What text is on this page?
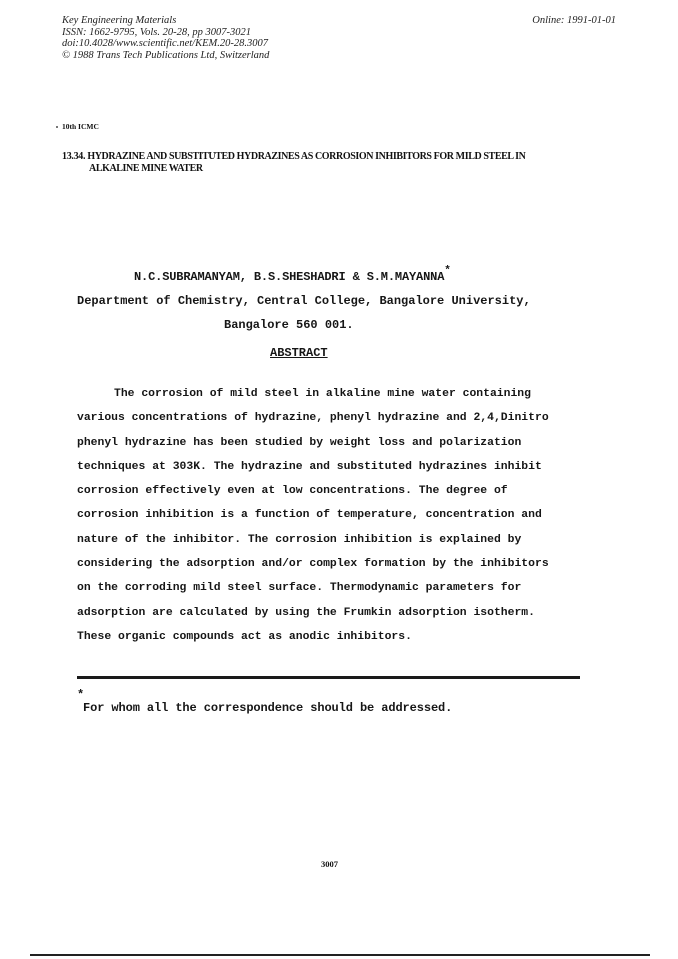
Key Engineering Materials
ISSN: 1662-9795, Vols. 20-28, pp 3007-3021
doi:10.4028/www.scientific.net/KEM.20-28.3007
© 1988 Trans Tech Publications Ltd, Switzerland
Online: 1991-01-01
10th ICMC
13.34. HYDRAZINE AND SUBSTITUTED HYDRAZINES AS CORROSION INHIBITORS FOR MILD STEEL IN
ALKALINE MINE WATER
N.C.SUBRAMANYAM, B.S.SHESHADRI & S.M.MAYANNA*
Department of Chemistry, Central College, Bangalore University,
Bangalore 560 001.
ABSTRACT
The corrosion of mild steel in alkaline mine water containing
various concentrations of hydrazine, phenyl hydrazine and 2,4,Dinitro
phenyl hydrazine has been studied by weight loss and polarization
techniques at 303K. The hydrazine and substituted hydrazines inhibit
corrosion effectively even at low concentrations. The degree of
corrosion inhibition is a function of temperature, concentration and
nature of the inhibitor. The corrosion inhibition is explained by
considering the adsorption and/or complex formation by the inhibitors
on the corroding mild steel surface. Thermodynamic parameters for
adsorption are calculated by using the Frumkin adsorption isotherm.
These organic compounds act as anodic inhibitors.
*
For whom all the correspondence should be addressed.
3007
